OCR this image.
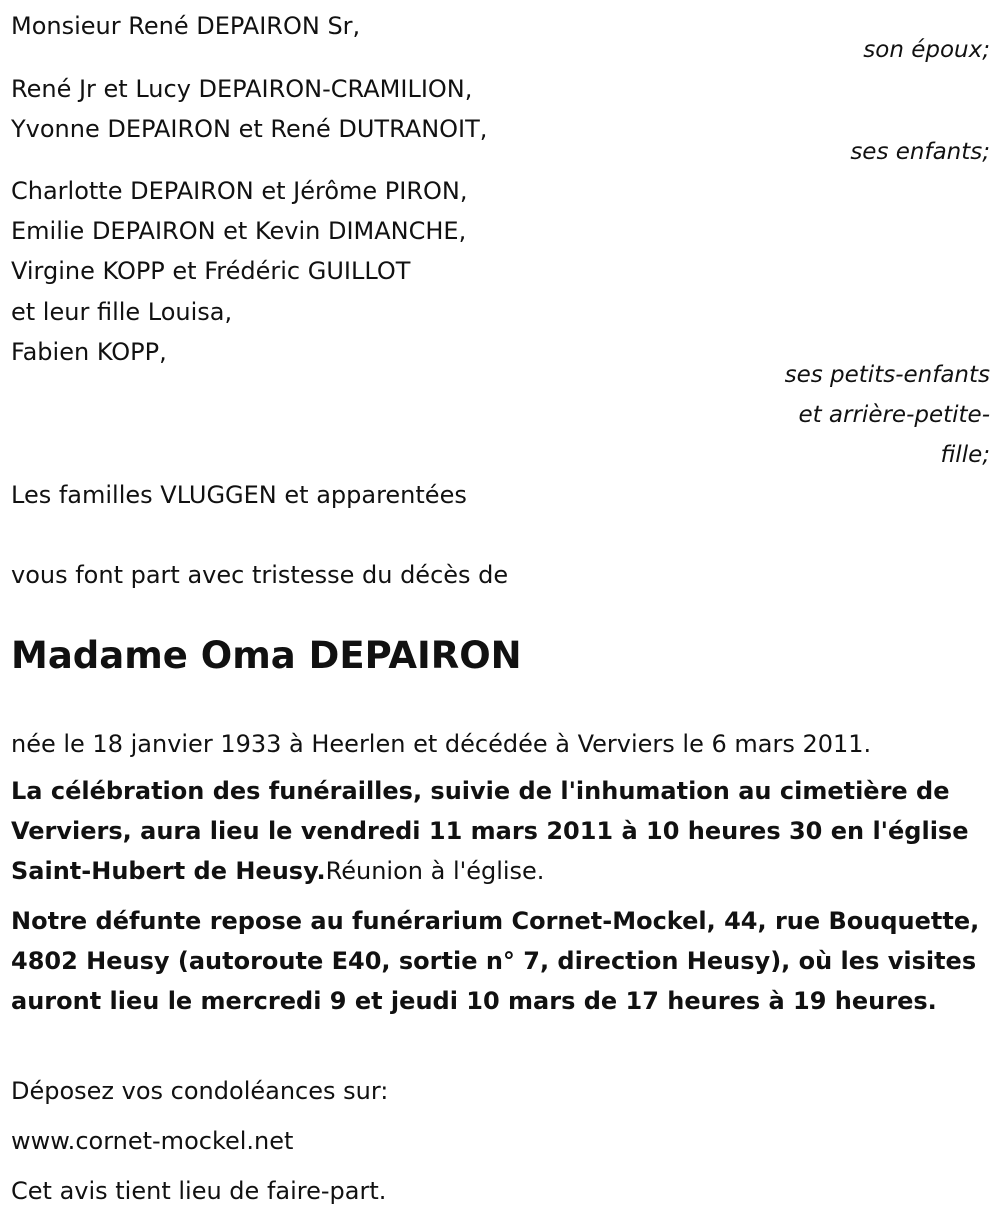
Monsieur René DEPAIRON Sr,
son époux;
René Jr et Lucy DEPAIRON-CRAMILION,
Yvonne DEPAIRON et René DUTRANOIT,
ses enfants;
Charlotte DEPAIRON et Jérôme PIRON,
Emilie DEPAIRON et Kevin DIMANCHE,
Virgine KOPP et Frédéric GUILLOT
et leur fille Louisa,
Fabien KOPP,
ses petits-enfants
et arrière-petite-
fille;
Les familles VLUGGEN et apparentées
vous font part avec tristesse du décès de
Madame Oma DEPAIRON
née le 18 janvier 1933 à Heerlen et décédée à Verviers le 6 mars 2011.
La célébration des funérailles, suivie de l'inhumation au cimetière de Verviers, aura lieu le vendredi 11 mars 2011 à 10 heures 30 en l'église Saint-Hubert de Heusy.Réunion à l'église.
Notre défunte repose au funérarium Cornet-Mockel, 44, rue Bouquette, 4802 Heusy (autoroute E40, sortie n° 7, direction Heusy), où les visites auront lieu le mercredi 9 et jeudi 10 mars de 17 heures à 19 heures.
Déposez vos condoléances sur:
www.cornet-mockel.net
Cet avis tient lieu de faire-part.
